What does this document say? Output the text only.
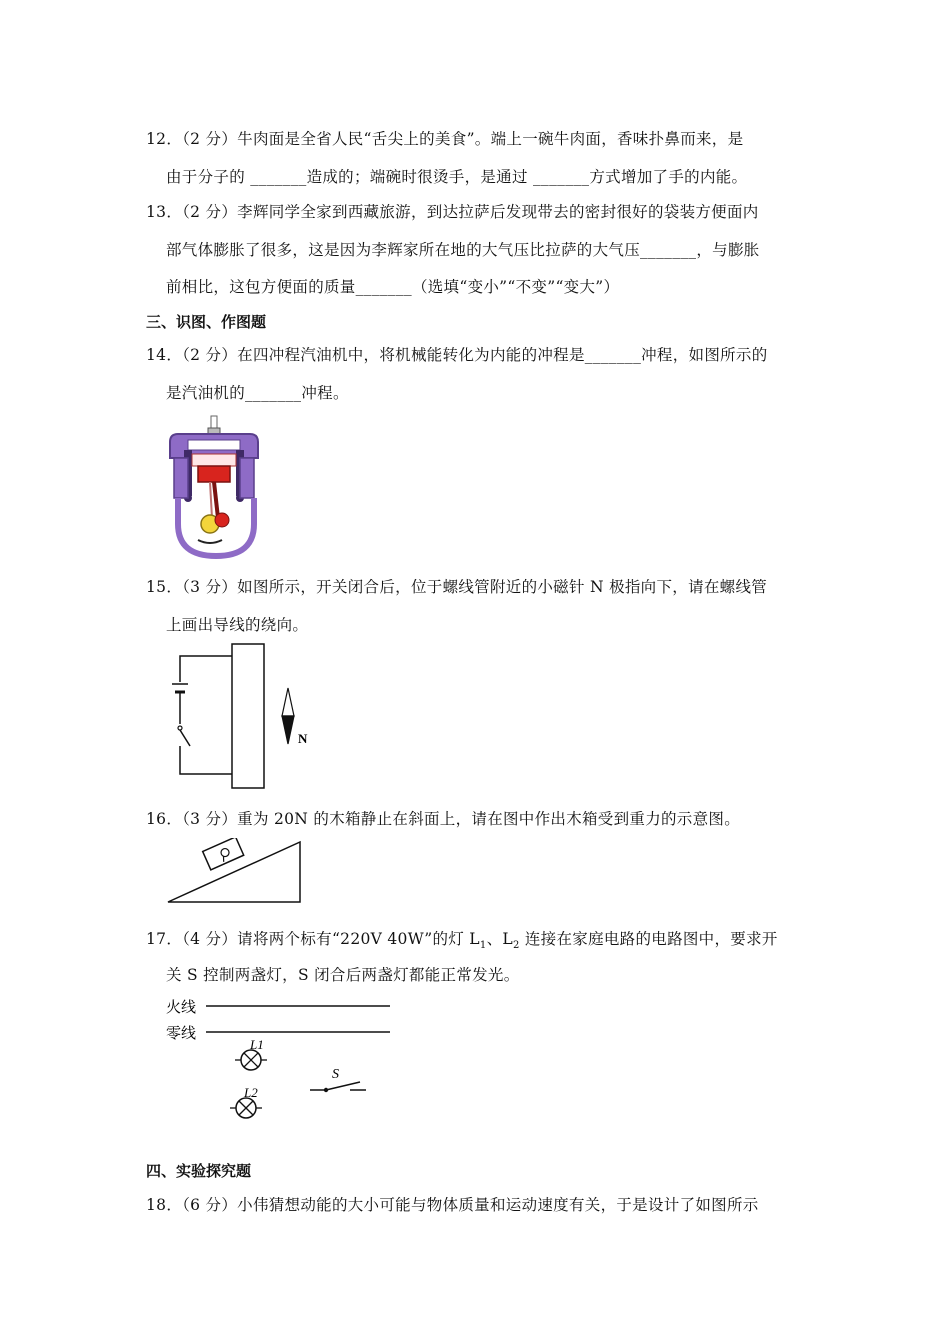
12．（2 分）牛肉面是全省人民“舌尖上的美食”。端上一碗牛肉面，香味扑鼻而来，是
由于分子的 _______造成的；端碗时很烫手，是通过 _______方式增加了手的内能。
13．（2 分）李辉同学全家到西藏旅游，到达拉萨后发现带去的密封很好的袋装方便面内
部气体膨胀了很多，这是因为李辉家所在地的大气压比拉萨的大气压_______，与膨胀
前相比，这包方便面的质量_______（选填“变小”“不变”“变大”）
三、识图、作图题
14．（2 分）在四冲程汽油机中，将机械能转化为内能的冲程是_______冲程，如图所示的
是汽油机的_______冲程。
15．（3 分）如图所示，开关闭合后，位于螺线管附近的小磁针 N 极指向下，请在螺线管
上画出导线的绕向。
N
16．（3 分）重为 20N 的木箱静止在斜面上，请在图中作出木箱受到重力的示意图。
17．（4 分）请将两个标有“220V 40W”的灯 $L_1$、$L_2$ 连接在家庭电路的电路图中，要求开
关 S 控制两盏灯，S 闭合后两盏灯都能正常发光。
火线
零线
L1
L2
S
四、实验探究题
18．（6 分）小伟猜想动能的大小可能与物体质量和运动速度有关，于是设计了如图所示
